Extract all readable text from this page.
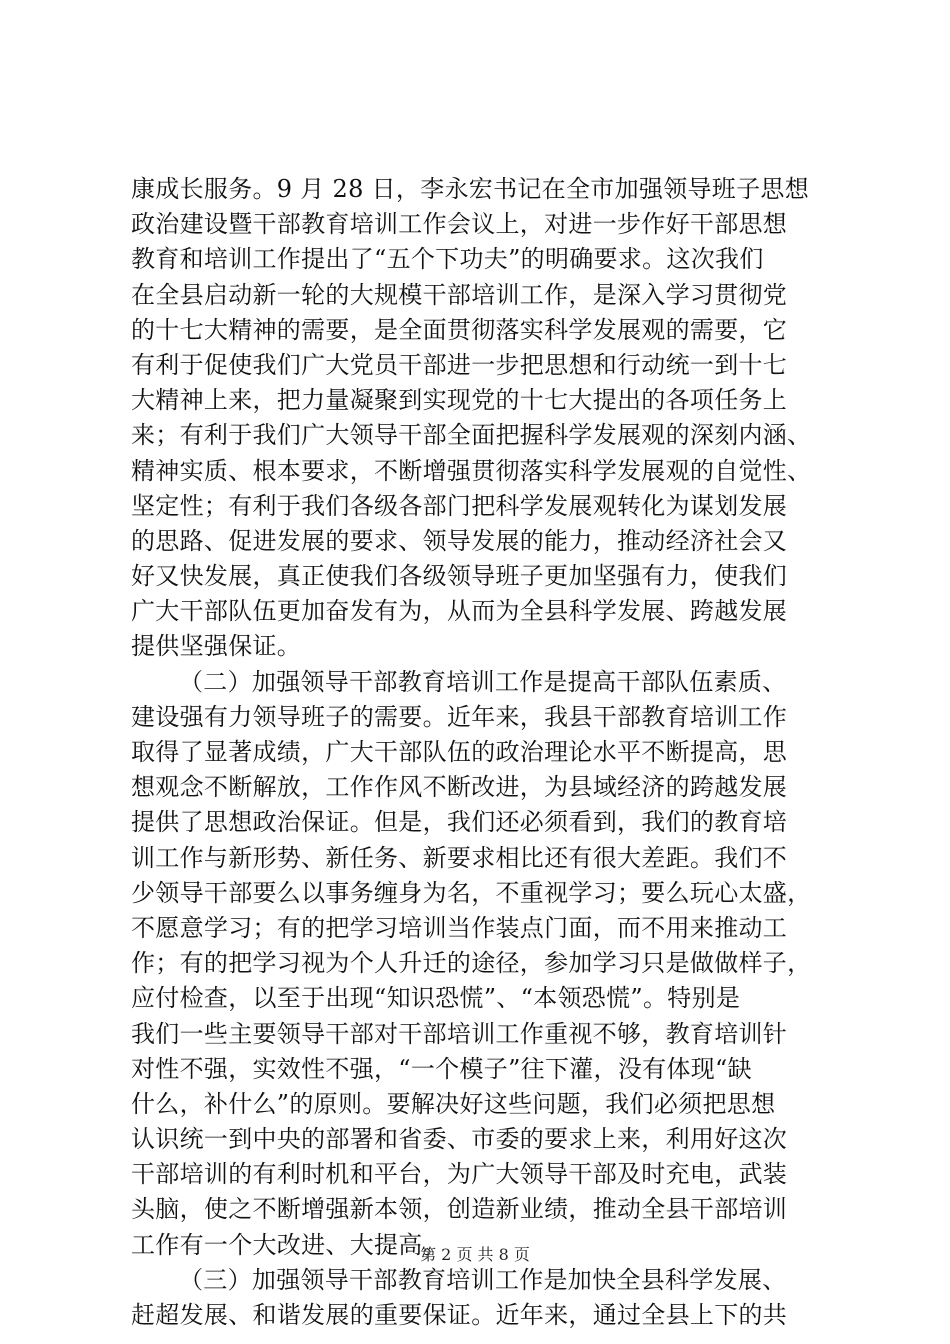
康成长服务。9 月 28 日，李永宏书记在全市加强领导班子思想
政治建设暨干部教育培训工作会议上，对进一步作好干部思想
教育和培训工作提出了“五个下功夫”的明确要求。这次我们
在全县启动新一轮的大规模干部培训工作，是深入学习贯彻党
的十七大精神的需要，是全面贯彻落实科学发展观的需要，它
有利于促使我们广大党员干部进一步把思想和行动统一到十七
大精神上来，把力量凝聚到实现党的十七大提出的各项任务上
来；有利于我们广大领导干部全面把握科学发展观的深刻内涵、
精神实质、根本要求，不断增强贯彻落实科学发展观的自觉性、
坚定性；有利于我们各级各部门把科学发展观转化为谋划发展
的思路、促进发展的要求、领导发展的能力，推动经济社会又
好又快发展，真正使我们各级领导班子更加坚强有力，使我们
广大干部队伍更加奋发有为，从而为全县科学发展、跨越发展
提供坚强保证。
（二）加强领导干部教育培训工作是提高干部队伍素质、
建设强有力领导班子的需要。近年来，我县干部教育培训工作
取得了显著成绩，广大干部队伍的政治理论水平不断提高，思
想观念不断解放，工作作风不断改进，为县域经济的跨越发展
提供了思想政治保证。但是，我们还必须看到，我们的教育培
训工作与新形势、新任务、新要求相比还有很大差距。我们不
少领导干部要么以事务缠身为名，不重视学习；要么玩心太盛，
不愿意学习；有的把学习培训当作装点门面，而不用来推动工
作；有的把学习视为个人升迁的途径，参加学习只是做做样子，
应付检查，以至于出现“知识恐慌”、“本领恐慌”。特别是
我们一些主要领导干部对干部培训工作重视不够，教育培训针
对性不强，实效性不强，“一个模子”往下灌，没有体现“缺
什么，补什么”的原则。要解决好这些问题，我们必须把思想
认识统一到中央的部署和省委、市委的要求上来，利用好这次
干部培训的有利时机和平台，为广大领导干部及时充电，武装
头脑，使之不断增强新本领，创造新业绩，推动全县干部培训
工作有一个大改进、大提高。
（三）加强领导干部教育培训工作是加快全县科学发展、
赶超发展、和谐发展的重要保证。近年来，通过全县上下的共
第 2 页 共 8 页
